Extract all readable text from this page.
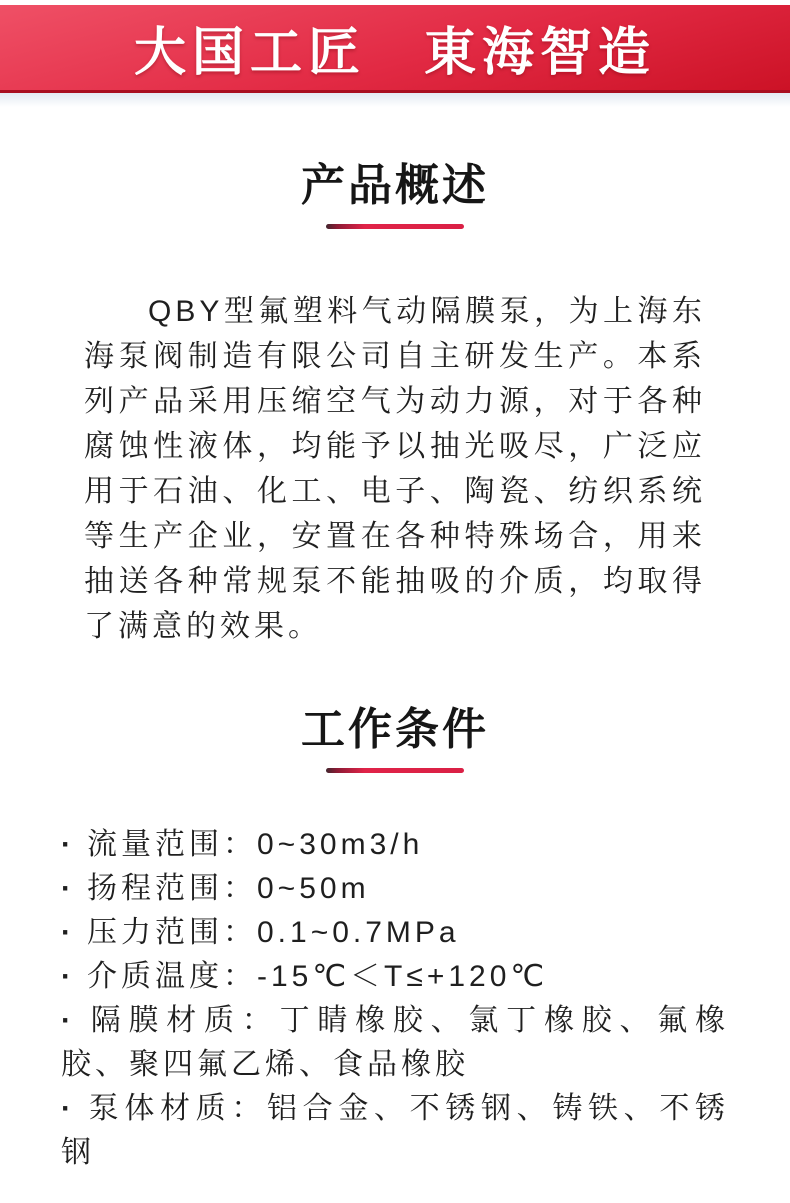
大国工匠　東海智造
产品概述

QBY型氟塑料气动隔膜泵，为上海东海泵阀制造有限公司自主研发生产。本系列产品采用压缩空气为动力源，对于各种腐蚀性液体，均能予以抽光吸尽，广泛应用于石油、化工、电子、陶瓷、纺织系统等生产企业，安置在各种特殊场合，用来抽送各种常规泵不能抽吸的介质，均取得了满意的效果。

工作条件
· 流量范围：0~30m3/h
· 扬程范围：0~50m
· 压力范围：0.1~0.7MPa
· 介质温度：-15℃＜T≤+120℃
· 隔膜材质：丁睛橡胶、氯丁橡胶、氟橡胶、聚四氟乙烯、食品橡胶
· 泵体材质：铝合金、不锈钢、铸铁、不锈钢
